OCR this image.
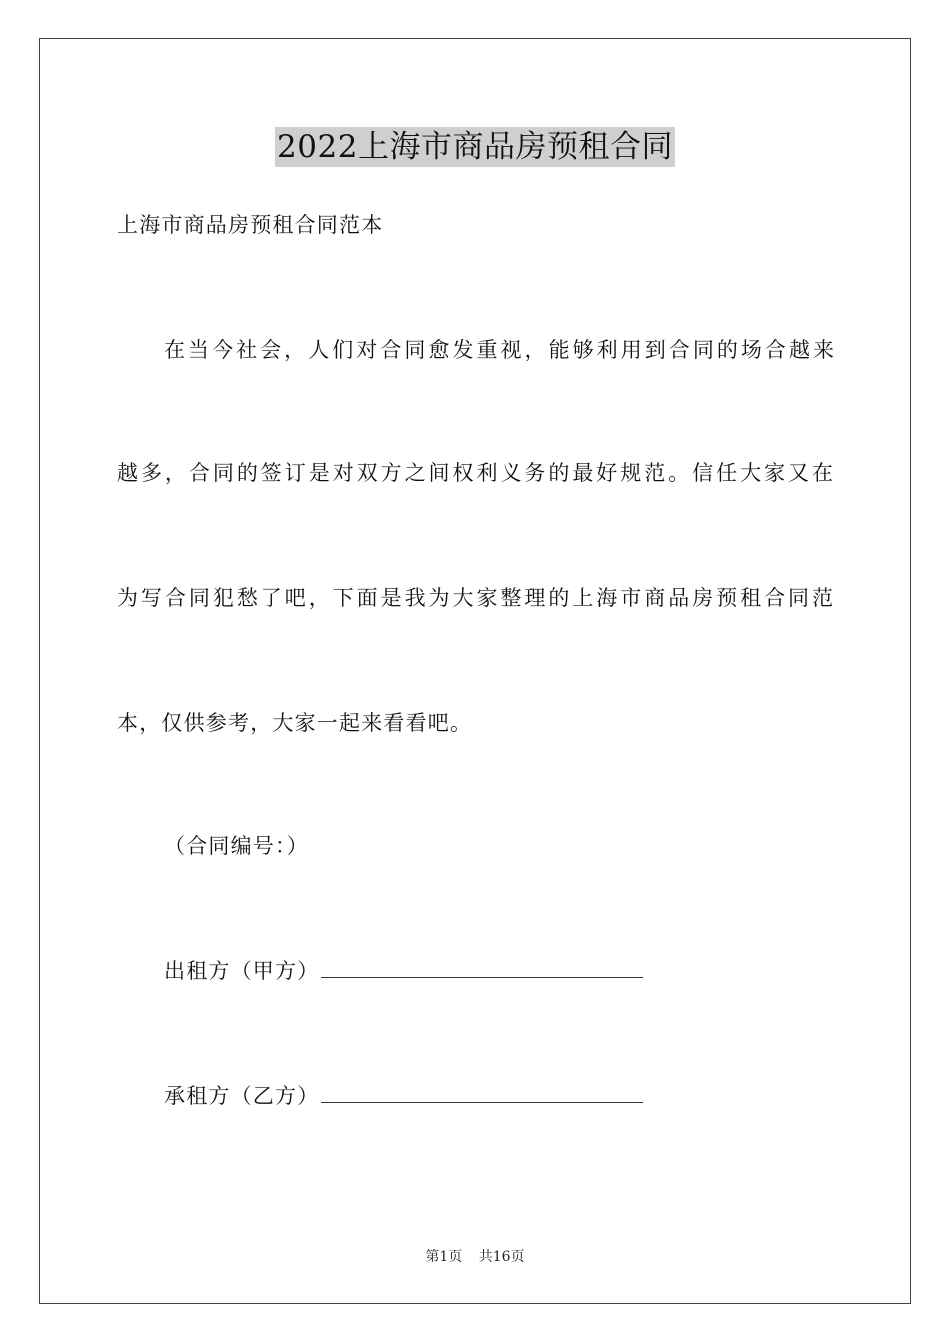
2022上海市商品房预租合同
上海市商品房预租合同范本
在当今社会，人们对合同愈发重视，能够利用到合同的场合越来
越多，合同的签订是对双方之间权利义务的最好规范。信任大家又在
为写合同犯愁了吧，下面是我为大家整理的上海市商品房预租合同范
本，仅供参考，大家一起来看看吧。
（合同编号：）
出租方（甲方）
承租方（乙方）
第1页 共16页
